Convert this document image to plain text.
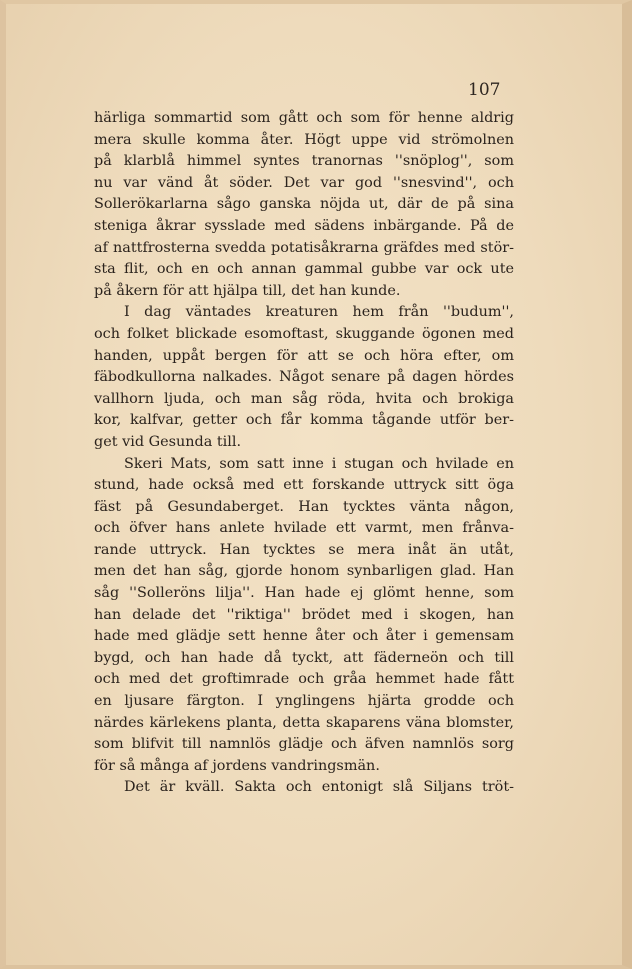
107
härliga sommartid som gått och som för henne aldrig
mera skulle komma åter. Högt uppe vid strömolnen
på klarblå himmel syntes tranornas ''snöplog'', som
nu var vänd åt söder. Det var god ''snesvind'', och
Sollerökarlarna sågo ganska nöjda ut, där de på sina
steniga åkrar sysslade med sädens inbärgande. På de
af nattfrosterna svedda potatisåkrarna gräfdes med stör-
sta flit, och en och annan gammal gubbe var ock ute
på åkern för att hjälpa till, det han kunde.
I dag väntades kreaturen hem från ''budum'',
och folket blickade esomoftast, skuggande ögonen med
handen, uppåt bergen för att se och höra efter, om
fäbodkullorna nalkades. Något senare på dagen hördes
vallhorn ljuda, och man såg röda, hvita och brokiga
kor, kalfvar, getter och får komma tågande utför ber-
get vid Gesunda till.
Skeri Mats, som satt inne i stugan och hvilade en
stund, hade också med ett forskande uttryck sitt öga
fäst på Gesundaberget. Han tycktes vänta någon,
och öfver hans anlete hvilade ett varmt, men frånva-
rande uttryck. Han tycktes se mera inåt än utåt,
men det han såg, gjorde honom synbarligen glad. Han
såg ''Solleröns lilja''. Han hade ej glömt henne, som
han delade det ''riktiga'' brödet med i skogen, han
hade med glädje sett henne åter och åter i gemensam
bygd, och han hade då tyckt, att fäderneön och till
och med det groftimrade och gråa hemmet hade fått
en ljusare färgton. I ynglingens hjärta grodde och
närdes kärlekens planta, detta skaparens väna blomster,
som blifvit till namnlös glädje och äfven namnlös sorg
för så många af jordens vandringsmän.
Det är kväll. Sakta och entonigt slå Siljans tröt-
